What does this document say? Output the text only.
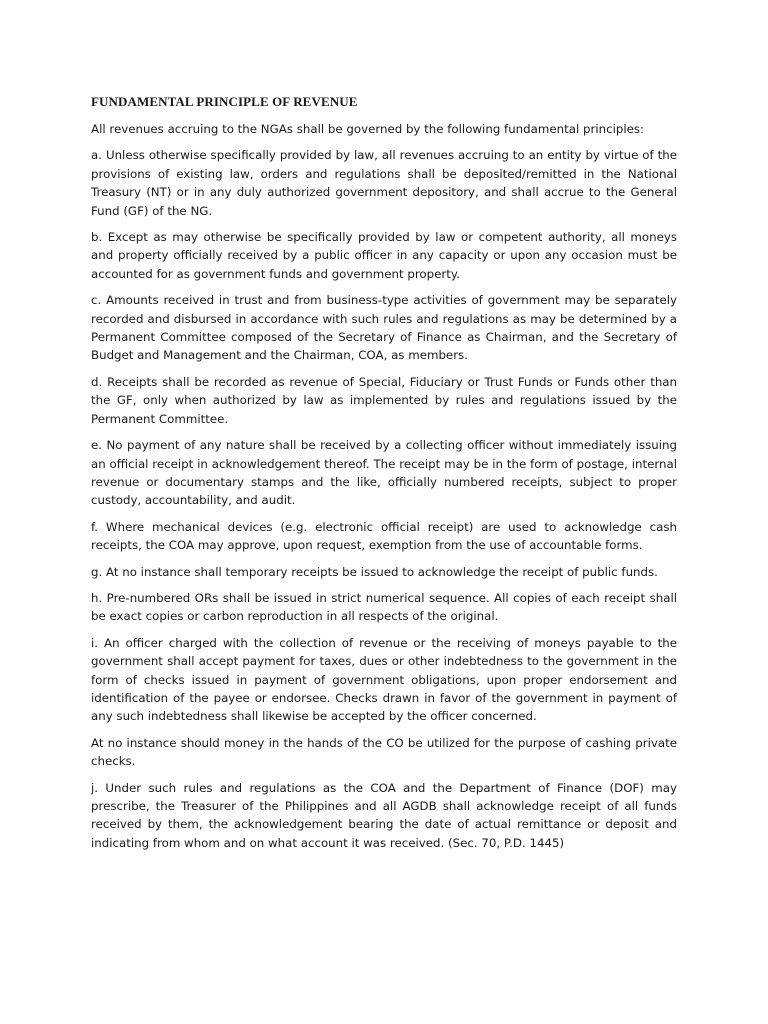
FUNDAMENTAL PRINCIPLE OF REVENUE

All revenues accruing to the NGAs shall be governed by the following fundamental principles:

a. Unless otherwise specifically provided by law, all revenues accruing to an entity by virtue of the provisions of existing law, orders and regulations shall be deposited/remitted in the National Treasury (NT) or in any duly authorized government depository, and shall accrue to the General Fund (GF) of the NG.

b. Except as may otherwise be specifically provided by law or competent authority, all moneys and property officially received by a public officer in any capacity or upon any occasion must be accounted for as government funds and government property.

c. Amounts received in trust and from business-type activities of government may be separately recorded and disbursed in accordance with such rules and regulations as may be determined by a Permanent Committee composed of the Secretary of Finance as Chairman, and the Secretary of Budget and Management and the Chairman, COA, as members.

d. Receipts shall be recorded as revenue of Special, Fiduciary or Trust Funds or Funds other than the GF, only when authorized by law as implemented by rules and regulations issued by the Permanent Committee.

e. No payment of any nature shall be received by a collecting officer without immediately issuing an official receipt in acknowledgement thereof. The receipt may be in the form of postage, internal revenue or documentary stamps and the like, officially numbered receipts, subject to proper custody, accountability, and audit.

f. Where mechanical devices (e.g. electronic official receipt) are used to acknowledge cash receipts, the COA may approve, upon request, exemption from the use of accountable forms.

g. At no instance shall temporary receipts be issued to acknowledge the receipt of public funds.

h. Pre-numbered ORs shall be issued in strict numerical sequence. All copies of each receipt shall be exact copies or carbon reproduction in all respects of the original.

i. An officer charged with the collection of revenue or the receiving of moneys payable to the government shall accept payment for taxes, dues or other indebtedness to the government in the form of checks issued in payment of government obligations, upon proper endorsement and identification of the payee or endorsee. Checks drawn in favor of the government in payment of any such indebtedness shall likewise be accepted by the officer concerned.

At no instance should money in the hands of the CO be utilized for the purpose of cashing private checks.

j. Under such rules and regulations as the COA and the Department of Finance (DOF) may prescribe, the Treasurer of the Philippines and all AGDB shall acknowledge receipt of all funds received by them, the acknowledgement bearing the date of actual remittance or deposit and indicating from whom and on what account it was received. (Sec. 70, P.D. 1445)
